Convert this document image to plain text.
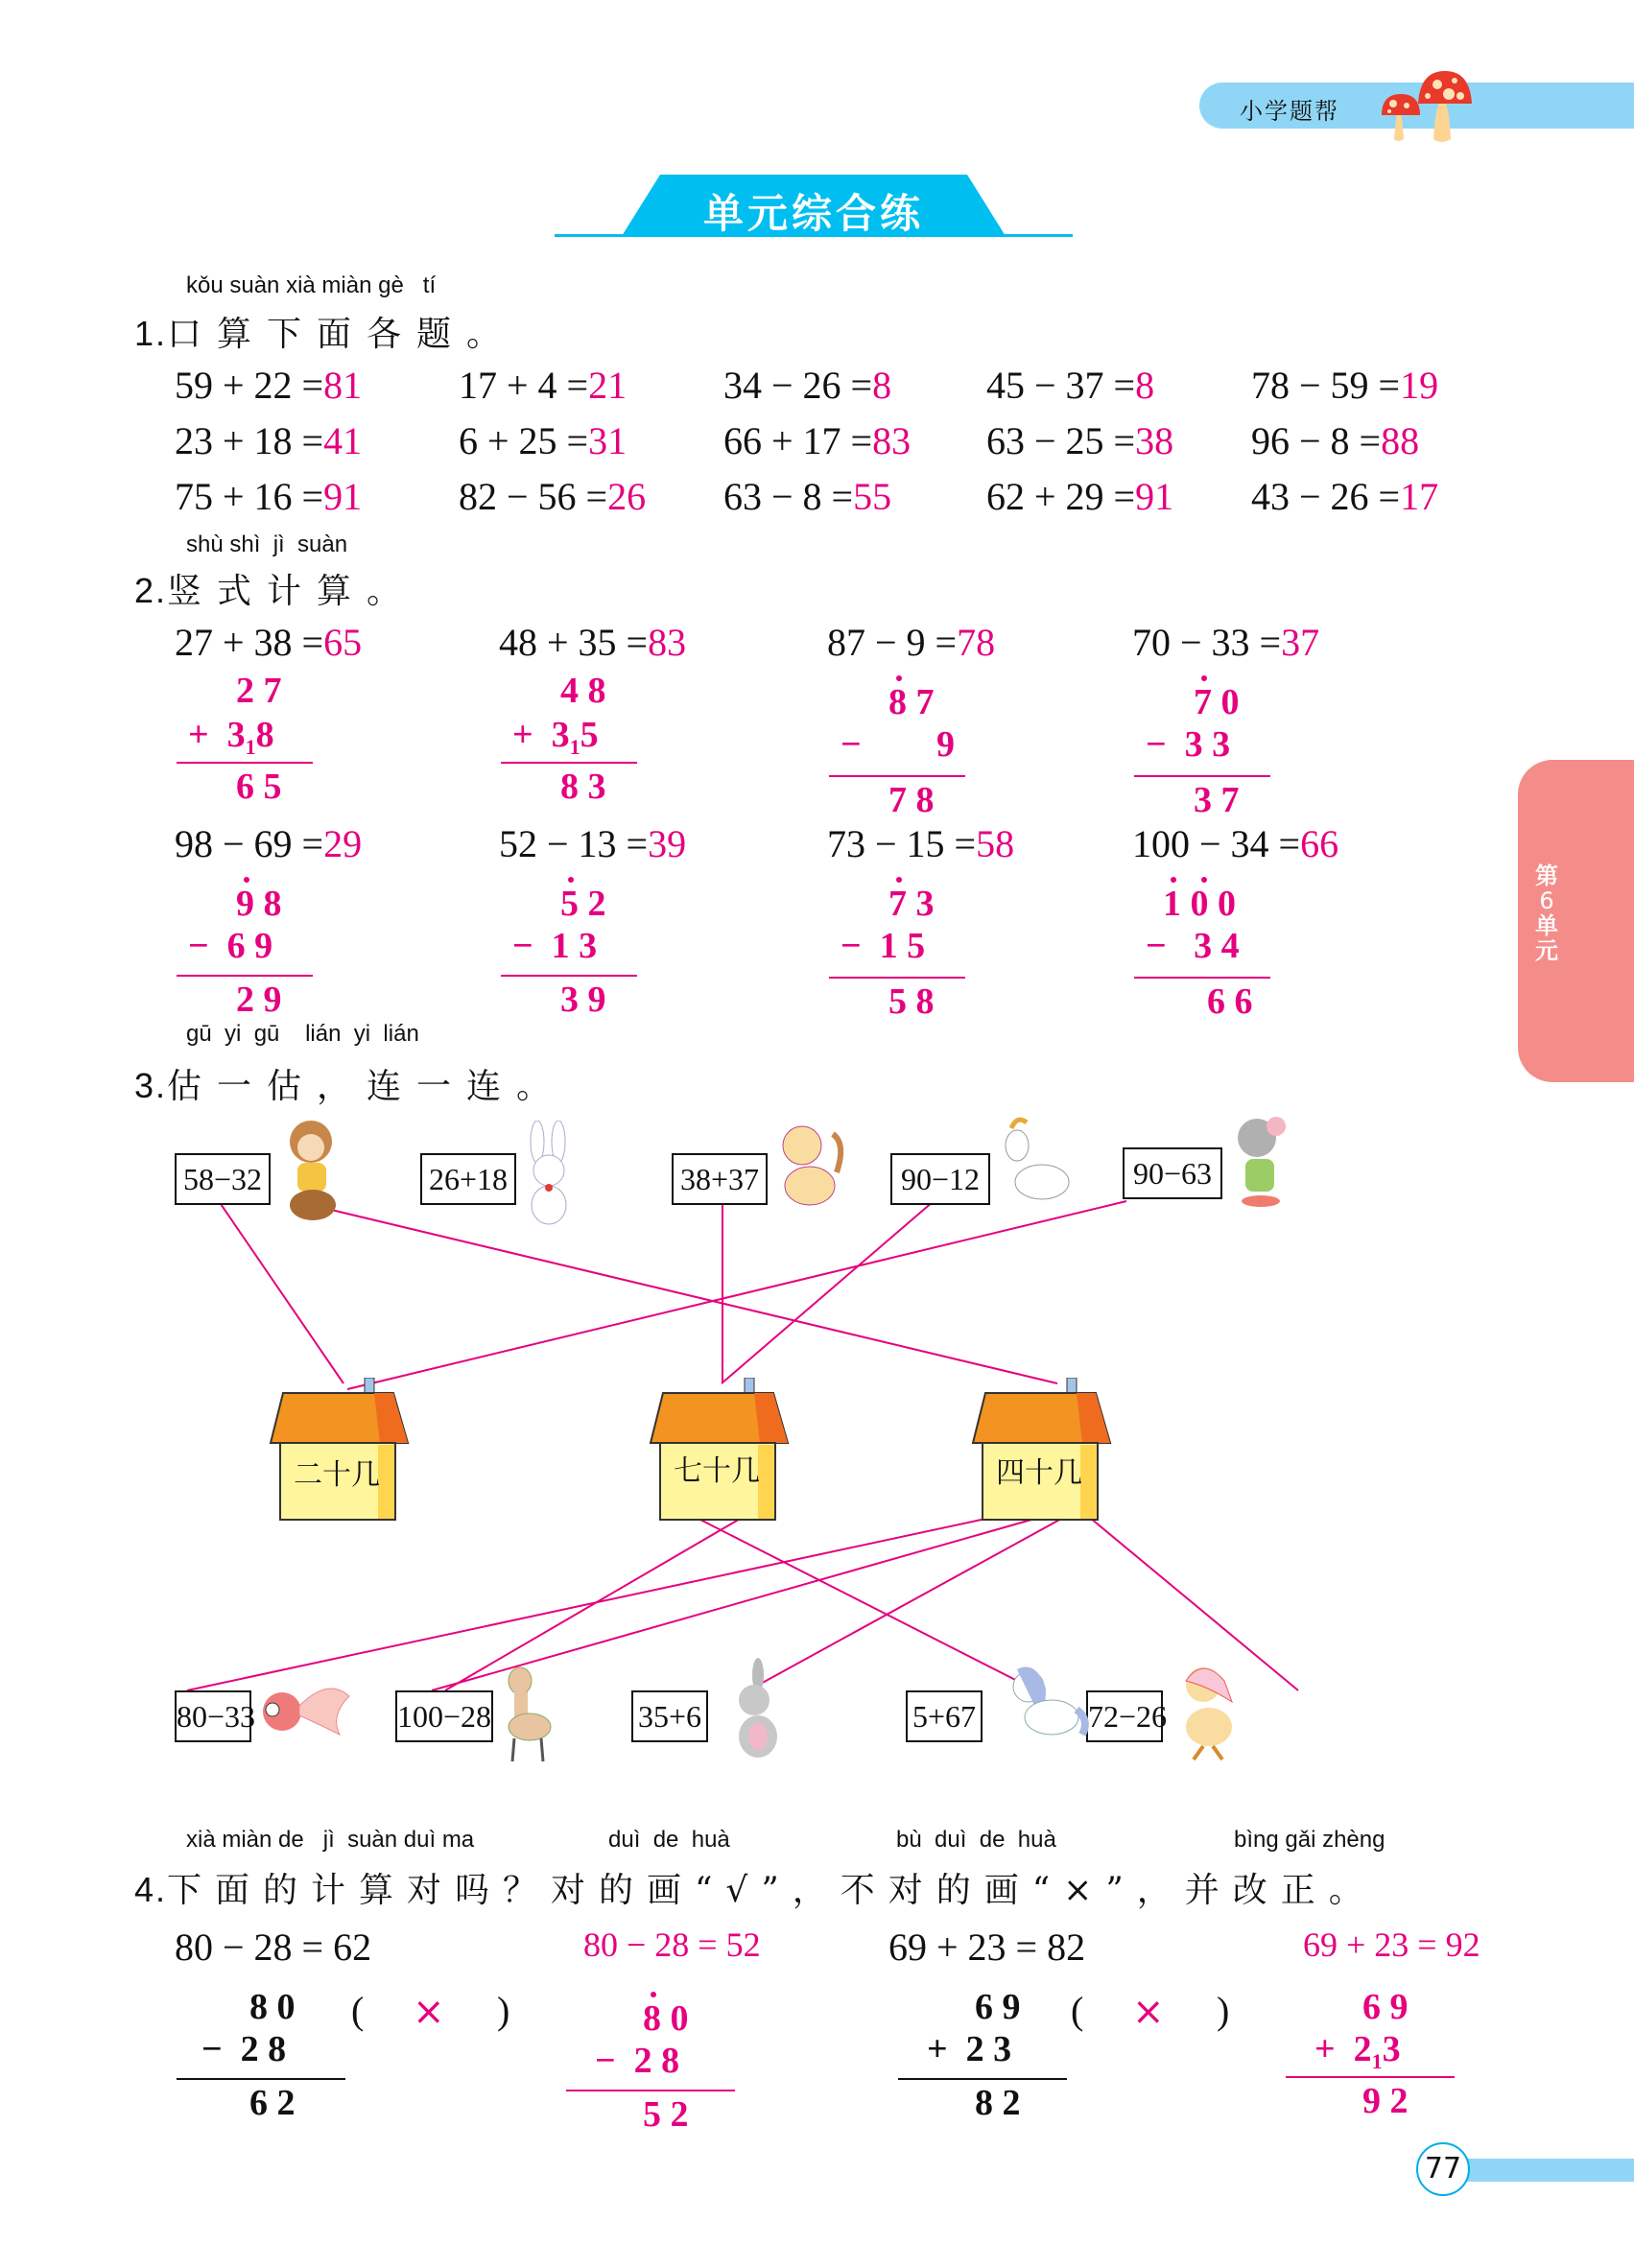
小学题帮
单元综合练
第
6
单
元
kǒu suàn xià miàn gè   tí
1.口算下面各题。
59 + 22 =81	17 + 4 =21	34 − 26 =8 45 − 37 =8	78 − 59 =19
23 + 18 =41	6 + 25 =31	66 + 17 =83 63 − 25 =38 96 − 8 =88
75 + 16 =91	82 − 56 =26 63 − 8 =55 62 + 29 =91 43 − 26 =17
shù shì  jì  suàn
2.竖式计算。
27 + 38 =65	48 + 35 =83	87 − 9 =78	70 − 33 =37
2 7
+ $3_18$
6 5
4 8
+ $3_15$
8 3
8 7
− 9
7 8
7 0
− 3 3
3 7
98 − 69 =29	52 − 13 =39	73 − 15 =58	100 − 34 =66
9 8
− 6 9
2 9
5 2
− 1 3
3 9
7 3
− 1 5
5 8
1 0 0
− 3 4
6 6
gū  yi  gū    lián  yi  lián
3.估一估，连一连。
58−32	26+18	38+37	90−12	90−63
二十几	七十几	四十几
80−33	100−28	35+6	5+67	72−26
xià miàn de   jì  suàn duì ma	duì  de  huà	bù  duì  de  huà	bìng gǎi zhèng
4.下面的计算对吗？对的画“√”，不对的画“×”，并改正。
80 − 28 = 62
8 0
− 2 8
6 2
( × )
80 − 28 = 52
8 0
− 2 8
5 2
69 + 23 = 82
6 9
+ 2 3
8 2
( × )
69 + 23 = 92
6 9
+ $2_13$
9 2
77
